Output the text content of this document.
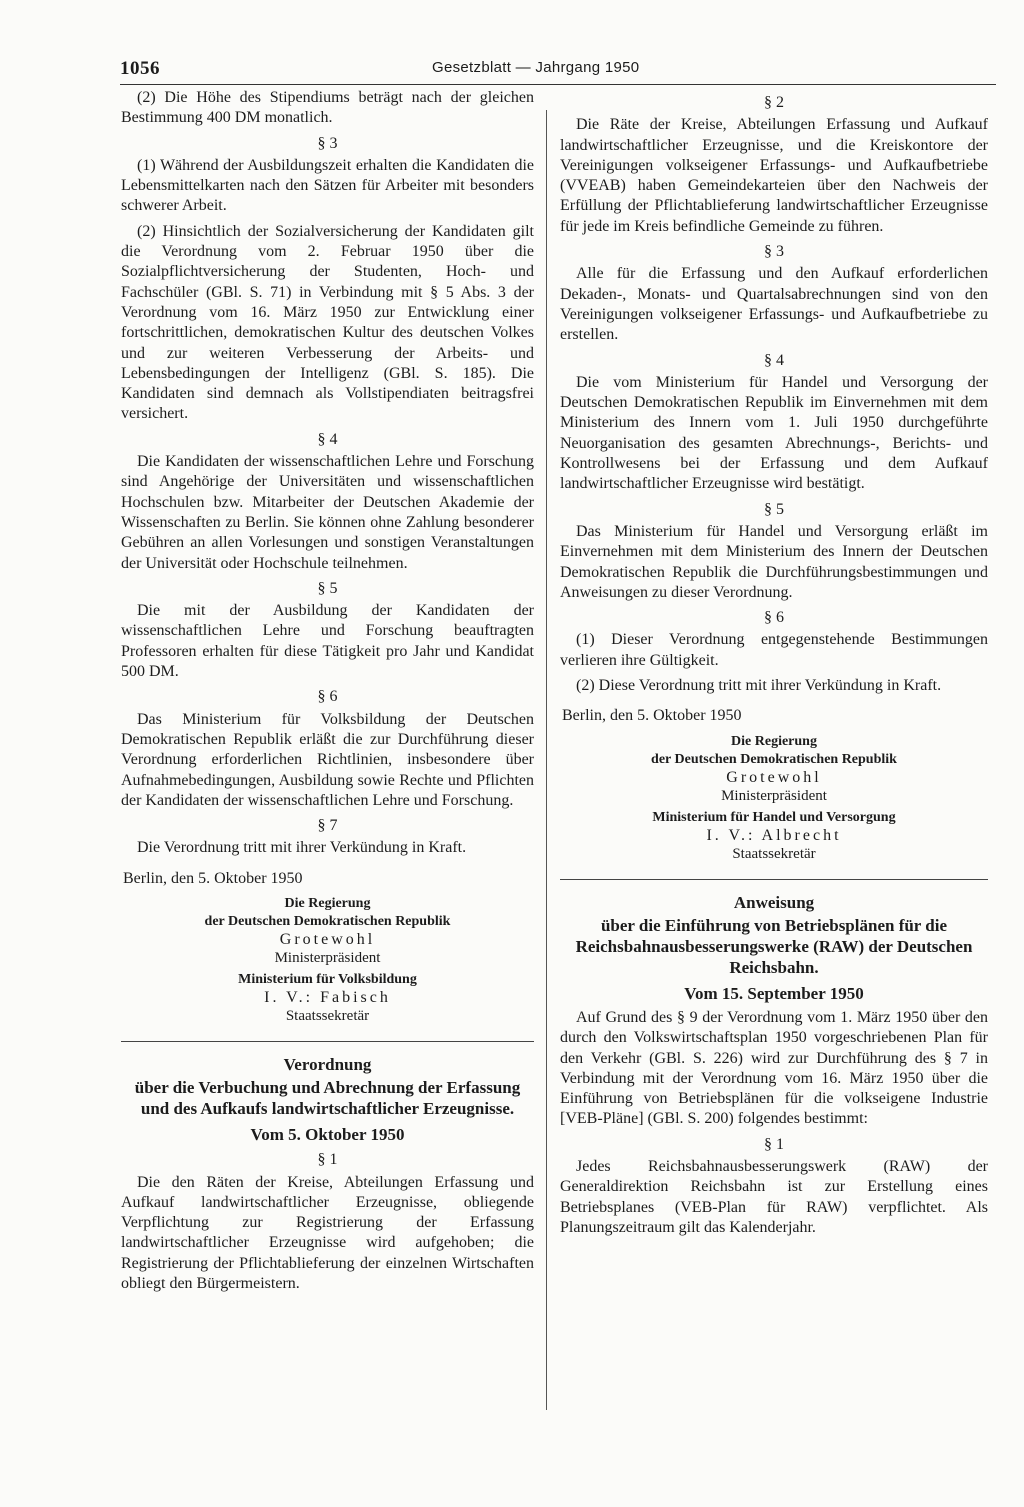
1056	Gesetzblatt — Jahrgang 1950

(2) Die Höhe des Stipendiums beträgt nach der gleichen Bestimmung 400 DM monatlich.

§ 3

(1) Während der Ausbildungszeit erhalten die Kandidaten die Lebensmittelkarten nach den Sätzen für Arbeiter mit besonders schwerer Arbeit.

(2) Hinsichtlich der Sozialversicherung der Kandidaten gilt die Verordnung vom 2. Februar 1950 über die Sozialpflichtversicherung der Studenten, Hoch- und Fachschüler (GBl. S. 71) in Verbindung mit § 5 Abs. 3 der Verordnung vom 16. März 1950 zur Entwicklung einer fortschrittlichen, demokratischen Kultur des deutschen Volkes und zur weiteren Verbesserung der Arbeits- und Lebensbedingungen der Intelligenz (GBl. S. 185). Die Kandidaten sind demnach als Vollstipendiaten beitragsfrei versichert.

§ 4

Die Kandidaten der wissenschaftlichen Lehre und Forschung sind Angehörige der Universitäten und wissenschaftlichen Hochschulen bzw. Mitarbeiter der Deutschen Akademie der Wissenschaften zu Berlin. Sie können ohne Zahlung besonderer Gebühren an allen Vorlesungen und sonstigen Veranstaltungen der Universität oder Hochschule teilnehmen.

§ 5

Die mit der Ausbildung der Kandidaten der wissenschaftlichen Lehre und Forschung beauftragten Professoren erhalten für diese Tätigkeit pro Jahr und Kandidat 500 DM.

§ 6

Das Ministerium für Volksbildung der Deutschen Demokratischen Republik erläßt die zur Durchführung dieser Verordnung erforderlichen Richtlinien, insbesondere über Aufnahmebedingungen, Ausbildung sowie Rechte und Pflichten der Kandidaten der wissenschaftlichen Lehre und Forschung.

§ 7

Die Verordnung tritt mit ihrer Verkündung in Kraft.

Berlin, den 5. Oktober 1950

Die Regierung
der Deutschen Demokratischen Republik
Grotewohl
Ministerpräsident
Ministerium für Volksbildung
I. V.: Fabisch
Staatssekretär
Verordnung
über die Verbuchung und Abrechnung der Erfassung und des Aufkaufs landwirtschaftlicher Erzeugnisse.
Vom 5. Oktober 1950
§ 1

Die den Räten der Kreise, Abteilungen Erfassung und Aufkauf landwirtschaftlicher Erzeugnisse, obliegende Verpflichtung zur Registrierung der Erfassung landwirtschaftlicher Erzeugnisse wird aufgehoben; die Registrierung der Pflichtablieferung der einzelnen Wirtschaften obliegt den Bürgermeistern.

§ 2

Die Räte der Kreise, Abteilungen Erfassung und Aufkauf landwirtschaftlicher Erzeugnisse, und die Kreiskontore der Vereinigungen volkseigener Erfassungs- und Aufkaufbetriebe (VVEAB) haben Gemeindekarteien über den Nachweis der Erfüllung der Pflichtablieferung landwirtschaftlicher Erzeugnisse für jede im Kreis befindliche Gemeinde zu führen.

§ 3

Alle für die Erfassung und den Aufkauf erforderlichen Dekaden-, Monats- und Quartalsabrechnungen sind von den Vereinigungen volkseigener Erfassungs- und Aufkaufbetriebe zu erstellen.

§ 4

Die vom Ministerium für Handel und Versorgung der Deutschen Demokratischen Republik im Einvernehmen mit dem Ministerium des Innern vom 1. Juli 1950 durchgeführte Neuorganisation des gesamten Abrechnungs-, Berichts- und Kontrollwesens bei der Erfassung und dem Aufkauf landwirtschaftlicher Erzeugnisse wird bestätigt.

§ 5

Das Ministerium für Handel und Versorgung erläßt im Einvernehmen mit dem Ministerium des Innern der Deutschen Demokratischen Republik die Durchführungsbestimmungen und Anweisungen zu dieser Verordnung.

§ 6

(1) Dieser Verordnung entgegenstehende Bestimmungen verlieren ihre Gültigkeit.

(2) Diese Verordnung tritt mit ihrer Verkündung in Kraft.

Berlin, den 5. Oktober 1950

Die Regierung
der Deutschen Demokratischen Republik
Grotewohl
Ministerpräsident
Ministerium für Handel und Versorgung
I. V.: Albrecht
Staatssekretär
Anweisung
über die Einführung von Betriebsplänen für die Reichsbahnausbesserungswerke (RAW) der Deutschen Reichsbahn.
Vom 15. September 1950

Auf Grund des § 9 der Verordnung vom 1. März 1950 über den durch den Volkswirtschaftsplan 1950 vorgeschriebenen Plan für den Verkehr (GBl. S. 226) wird zur Durchführung des § 7 in Verbindung mit der Verordnung vom 16. März 1950 über die Einführung von Betriebsplänen für die volkseigene Industrie [VEB-Pläne] (GBl. S. 200) folgendes bestimmt:

§ 1

Jedes Reichsbahnausbesserungswerk (RAW) der Generaldirektion Reichsbahn ist zur Erstellung eines Betriebsplanes (VEB-Plan für RAW) verpflichtet. Als Planungszeitraum gilt das Kalenderjahr.
